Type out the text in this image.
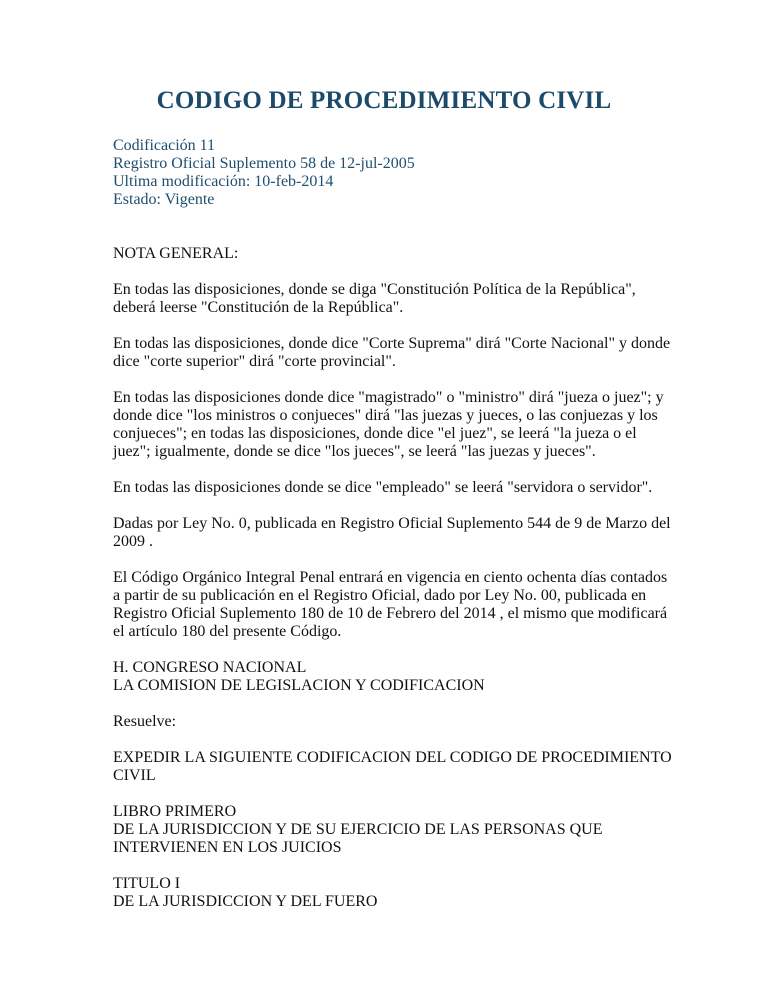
CODIGO DE PROCEDIMIENTO CIVIL
Codificación 11
Registro Oficial Suplemento 58 de 12-jul-2005
Ultima modificación: 10-feb-2014
Estado: Vigente

NOTA GENERAL:

En todas las disposiciones, donde se diga "Constitución Política de la República", deberá leerse "Constitución de la República".

En todas las disposiciones, donde dice "Corte Suprema" dirá "Corte Nacional" y donde dice "corte superior" dirá "corte provincial".

En todas las disposiciones donde dice "magistrado" o "ministro" dirá "jueza o juez"; y donde dice "los ministros o conjueces" dirá "las juezas y jueces, o las conjuezas y los conjueces"; en todas las disposiciones, donde dice "el juez", se leerá "la jueza o el juez"; igualmente, donde se dice "los jueces", se leerá "las juezas y jueces".

En todas las disposiciones donde se dice "empleado" se leerá "servidora o servidor".

Dadas por Ley No. 0, publicada en Registro Oficial Suplemento 544 de 9 de Marzo del 2009 .

El Código Orgánico Integral Penal entrará en vigencia en ciento ochenta días contados a partir de su publicación en el Registro Oficial, dado por Ley No. 00, publicada en Registro Oficial Suplemento 180 de 10 de Febrero del 2014 , el mismo que modificará el artículo 180 del presente Código.

H. CONGRESO NACIONAL
LA COMISION DE LEGISLACION Y CODIFICACION

Resuelve:

EXPEDIR LA SIGUIENTE CODIFICACION DEL CODIGO DE PROCEDIMIENTO CIVIL

LIBRO PRIMERO
DE LA JURISDICCION Y DE SU EJERCICIO DE LAS PERSONAS QUE INTERVIENEN EN LOS JUICIOS

TITULO I
DE LA JURISDICCION Y DEL FUERO
